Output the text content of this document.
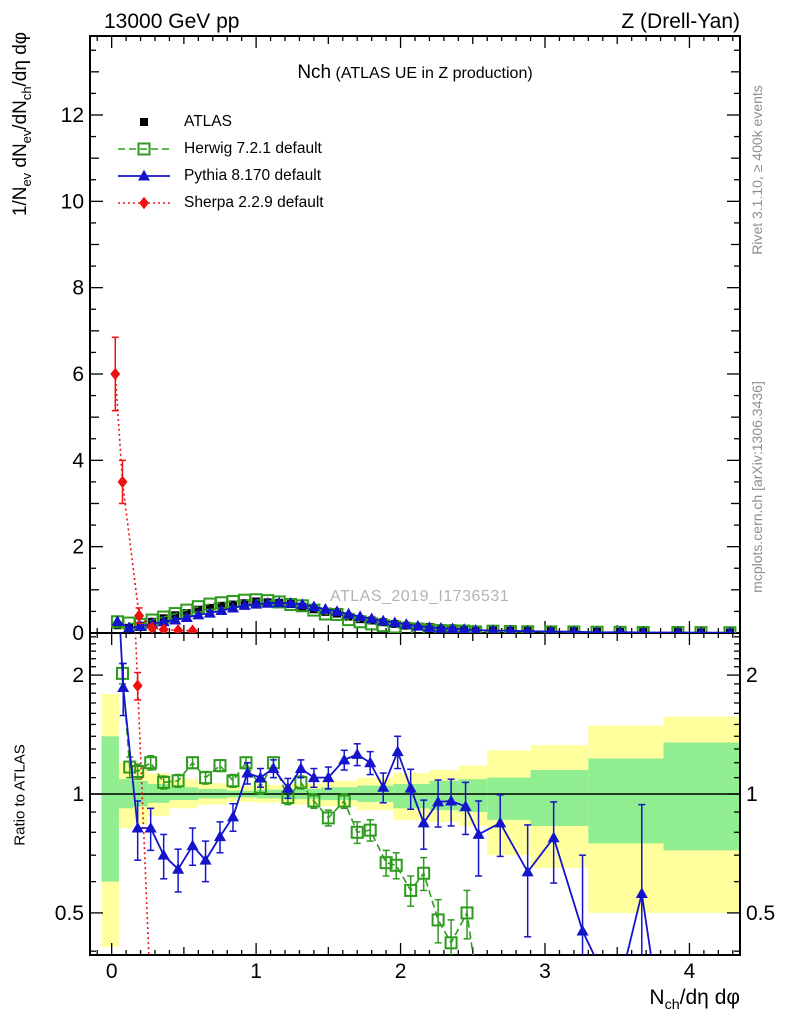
0	1	2	3	4
0
2
4
6
8
10
12
0.5	0.5
1	1
2	2
13000 GeV pp	Z (Drell-Yan)
Nch (ATLAS UE in Z production)
$1/N_{ev}$ $dN_{ev}/dN_{ch}/d\eta$ dφ
Ratio to ATLAS
$N_{ch}/d\eta$ dφ
ATLAS
Herwig 7.2.1 default
Pythia 8.170 default
Sherpa 2.2.9 default
ATLAS_2019_I1736531
Rivet 3.1.10, ≥ 400k events
mcplots.cern.ch [arXiv:1306.3436]
